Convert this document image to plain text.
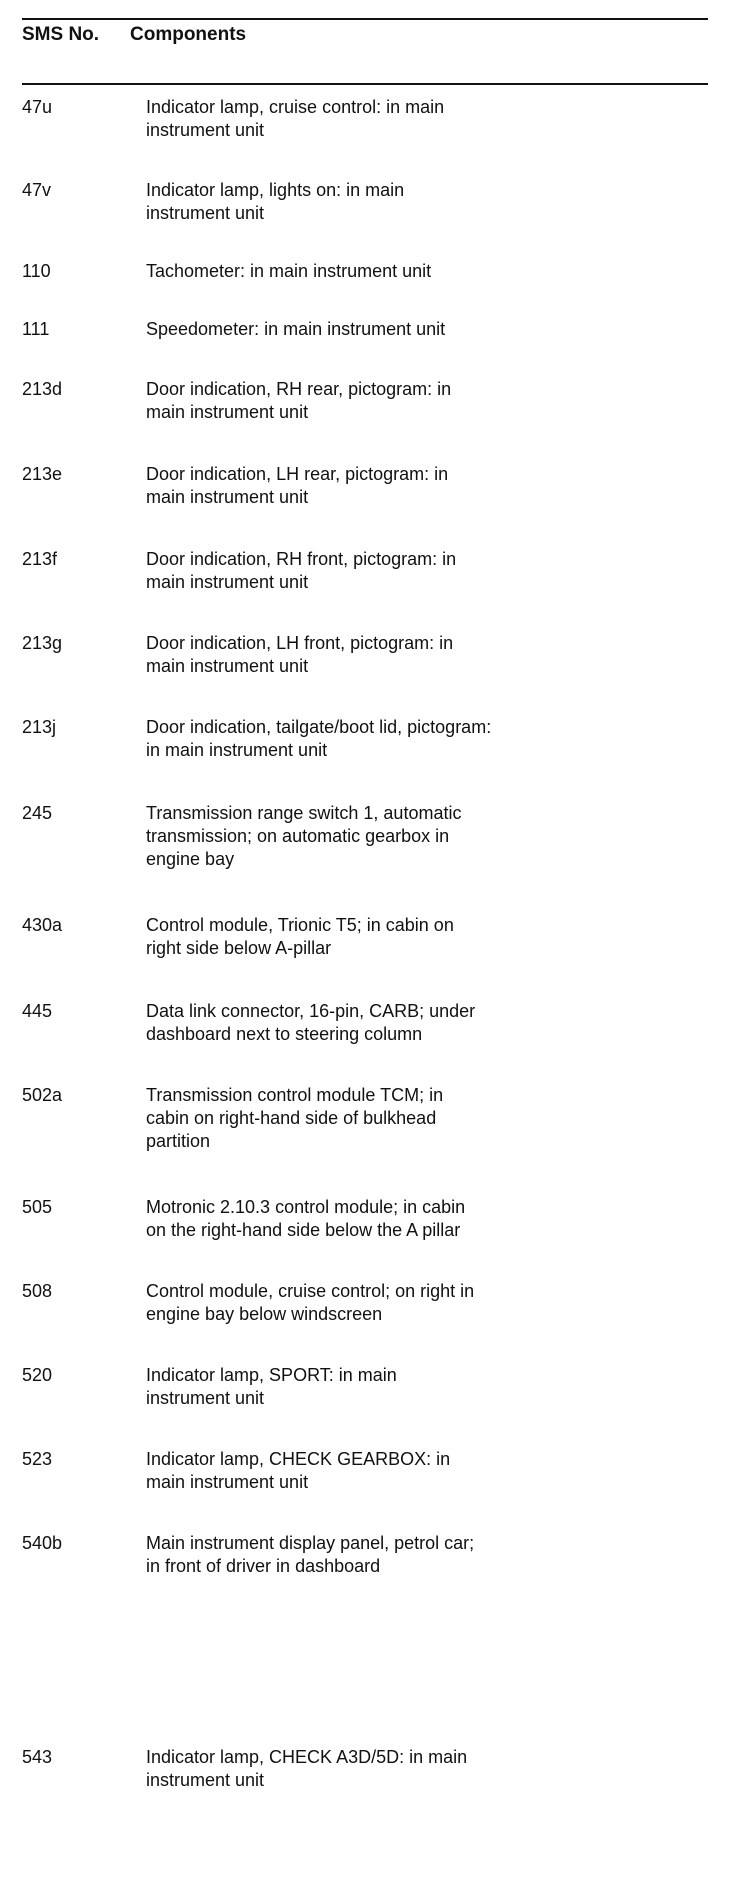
SMS No. Components
47u	Indicator lamp, cruise control: in main
instrument unit
47v	Indicator lamp, lights on: in main
instrument unit
110	Tachometer: in main instrument unit
111	Speedometer: in main instrument unit
213d	Door indication, RH rear, pictogram: in
main instrument unit
213e	Door indication, LH rear, pictogram: in
main instrument unit
213f	Door indication, RH front, pictogram: in
main instrument unit
213g	Door indication, LH front, pictogram: in
main instrument unit
213j	Door indication, tailgate/boot lid, pictogram:
in main instrument unit
245	Transmission range switch 1, automatic
transmission; on automatic gearbox in
engine bay
430a	Control module, Trionic T5; in cabin on
right side below A-pillar
445	Data link connector, 16-pin, CARB; under
dashboard next to steering column
502a	Transmission control module TCM; in
cabin on right-hand side of bulkhead
partition
505	Motronic 2.10.3 control module; in cabin
on the right-hand side below the A pillar
508	Control module, cruise control; on right in
engine bay below windscreen
520	Indicator lamp, SPORT: in main
instrument unit
523	Indicator lamp, CHECK GEARBOX: in
main instrument unit
540b	Main instrument display panel, petrol car;
in front of driver in dashboard
543	Indicator lamp, CHECK A3D/5D: in main
instrument unit
